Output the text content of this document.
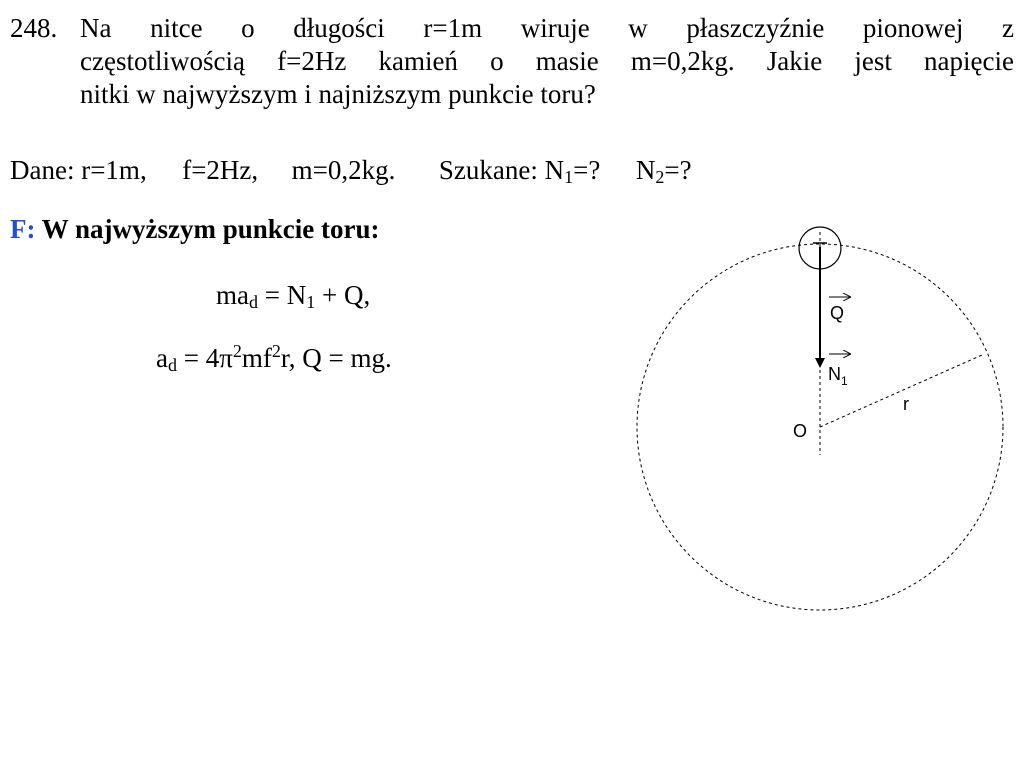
248. Na nitce o długości r=1m wiruje w płaszczyźnie pionowej z
częstotliwością f=2Hz kamień o masie m=0,2kg. Jakie jest napięcie
nitki w najwyższym i najniższym punkcie toru?
Dane: r=1m, f=2Hz, m=0,2kg. Szukane: $N_1=$? $N_2=$?
F: W najwyższym punkcie toru:
$ma_d = N_1 + Q$,
$a_d = 4\pi^2mf^2r$, Q = mg.
Q
$N_1$
r
O
